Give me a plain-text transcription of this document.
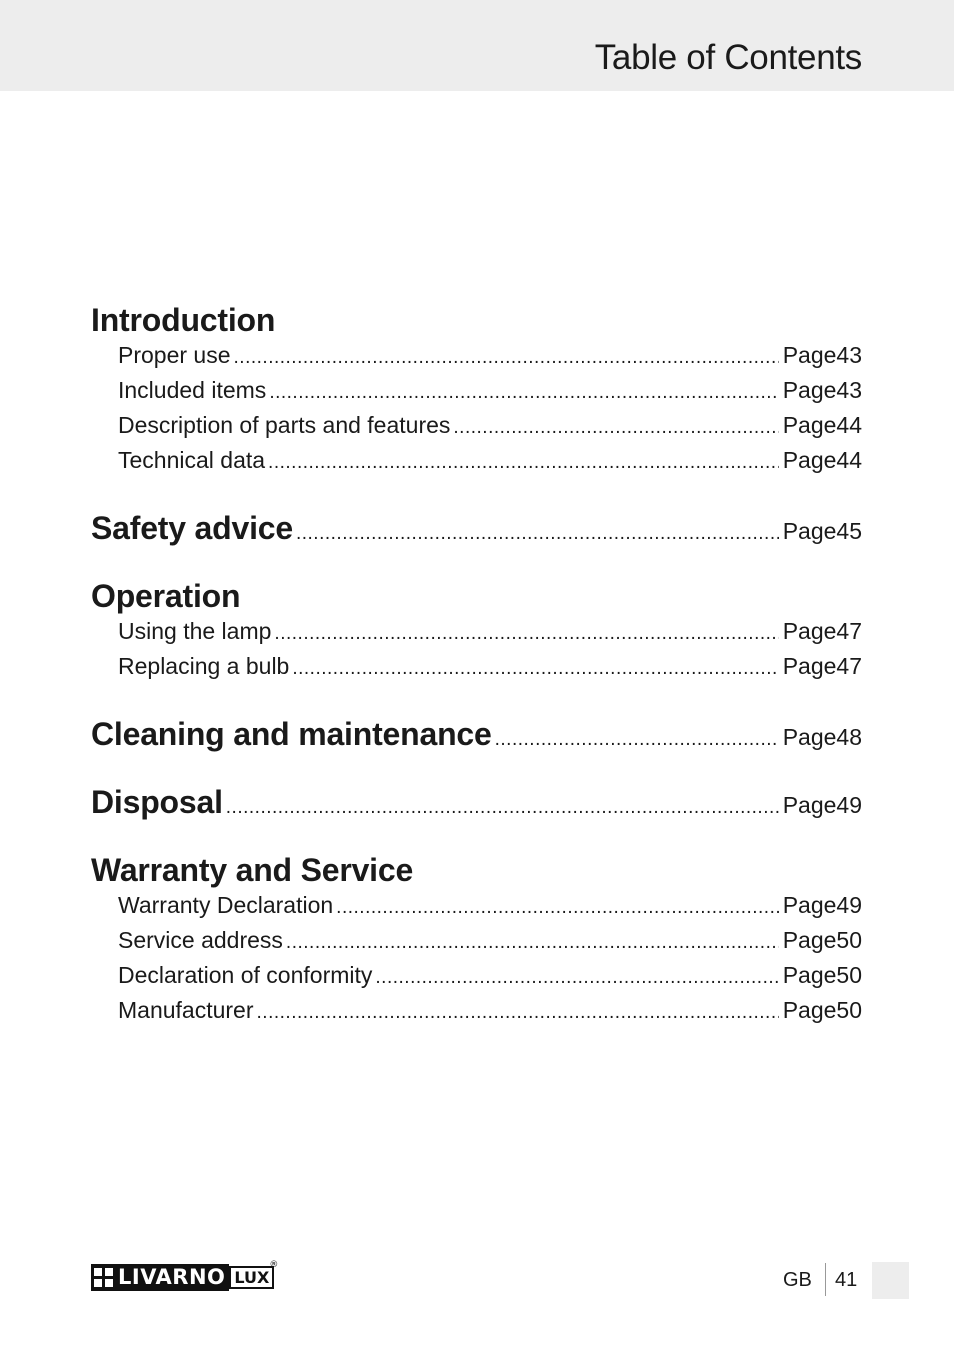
Table of Contents
Introduction
Proper use .....	Page 43
Included items .....	Page 43
Description of parts and features .....	Page 44
Technical data .....	Page 44
Safety advice .....	Page 45
Operation
Using the lamp .....	Page 47
Replacing a bulb .....	Page 47
Cleaning and maintenance .....	Page 48
Disposal .....	Page 49
Warranty and Service
Warranty Declaration .....	Page 49
Service address .....	Page 50
Declaration of conformity .....	Page 50
Manufacturer .....	Page 50
LIVARNO LUX
®
GB 41
